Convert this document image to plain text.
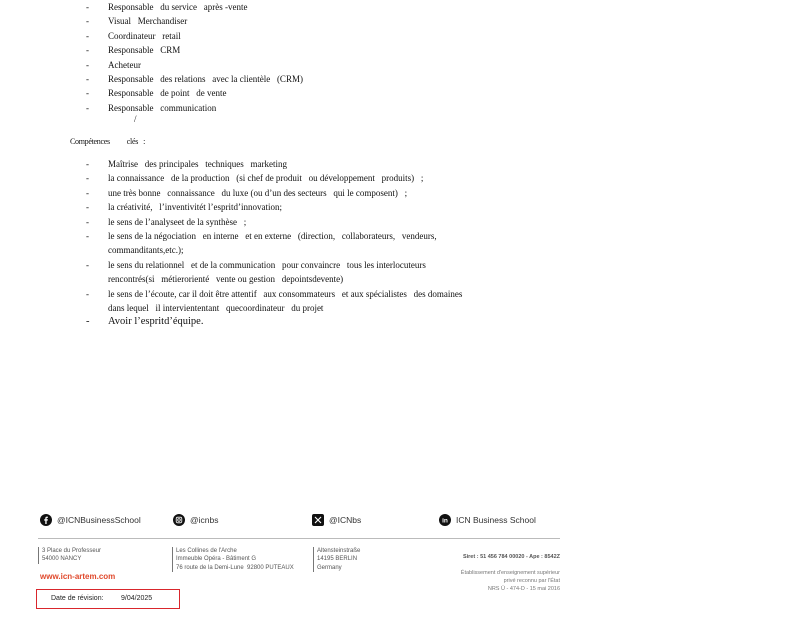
- Responsable   du service   après -vente
- Visual   Merchandiser
- Coordinateur   retail
- Responsable   CRM
- Acheteur
- Responsable   des relations   avec la clientèle   (CRM)
- Responsable   de point   de vente
- Responsable   communication
/
Compétences          clés   :
- Maîtrise   des principales   techniques   marketing
- la connaissance   de la production   (si chef de produit   ou développement   produits)   ;
- une très bonne   connaissance   du luxe (ou d’un des secteurs   qui le composent)   ;
- la créativité,   l’inventivitét l’espritd’innovation;
- le sens de l’analyseet de la synthèse   ;
- le sens de la négociation   en interne   et en externe   (direction,   collaborateurs,   vendeurs,
commanditants,etc.);
- le sens du relationnel   et de la communication   pour convaincre   tous les interlocuteurs
rencontrés(si   métierorienté   vente ou gestion   depointsdevente)
- le sens de l’écoute, car il doit être attentif   aux consommateurs   et aux spécialistes   des domaines
dans lequel   il interviententant   quecoordinateur   du projet
- Avoir l’espritd’équipe.
@ICNBusinessSchool	@icnbs	@ICNbs	in ICN Business School
3 Place du Professeur
54000 NANCY
Les Collines de l'Arche
Immeuble Opéra - Bâtiment G
76 route de la Demi-Lune  92800 PUTEAUX
Altensteinstraße
14195 BERLIN
Germany

Siret : 51 456 784 00020 - Ape : 8542Z

Établissement d'enseignement supérieur
privé reconnu par l'État
NRS Ü - 474-D - 15 mai 2016

www.icn-artem.com
Date de révision: 9/04/2025
